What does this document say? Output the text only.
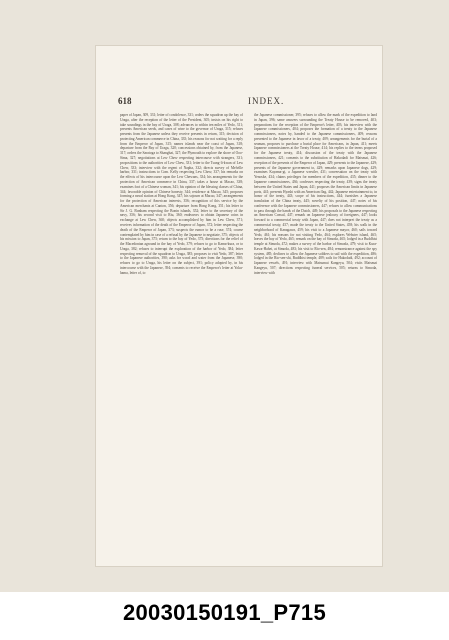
618	INDEX.
paper of Japan, 309, 331; letter of condolence, 331; orders the squadron up the bay of Uraga, after the reception of the letter of the President, 305; insists on his right to take soundings in the bay of Uraga, 308; advances to within ten miles of Yedo, 311; presents American seeds, and cases of wine to the governor of Uraga, 315; refuses presents from the Japanese unless they receive presents in return, 315; decision of protecting American commerce in China, 335; his reasons for not waiting for a reply from the Emperor of Japan, 315; names islands near the coast of Japan, 318; departure from the Bay of Uraga, 320; concessions obtained by, from the Japanese, 317; orders the Saratoga to Shanghai, 327; the Plymouth to explore the shore of Ooo-Sima, 327; negotiations at Lew Chew respecting intercourse with strangers, 331; propositions to the authorities of Lew Chew, 331; letter to the Tsung-li-kwan of Lew Chew, 333; interview with the regent of Napha, 332; directs survey of Melville harbor, 331; instructions to Com. Kelly respecting Lew Chew, 337; his remarks on the effects of his intercourse upon the Lew Chewans, 334; his arrangements for the protection of American commerce in China, 337; takes a house at Macao, 338; examines foot of a Chinese woman, 341; his opinion of the blessing classes of China, 344; favorable opinion of Chinese honesty, 344; residence at Macao, 345; proposes forming a naval station at Hong Kong, 347; his sojourn at Macao, 347; arrangements for the protection of American interests, 356; recognition of this service by the American merchants at Canton, 356; departure from Hong Kong, 351; his letter to Sir J. G. Bonham respecting the Bonin islands, 352; letter to the secretary of the navy, 356; his second visit to Riu, 360; endeavors to obtain Japanese coins in exchange at Lew Chew, 360; objects accomplished by him in Lew Chew, 371; receives information of the death of the Emperor of Japan, 372; letter respecting the death of the Emperor of Japan, 373; suspects the rumor to be a ruse, 374; course contemplated by him in case of a refusal by the Japanese to negotiate, 375; objects of his mission to Japan, 375; return to the bay of Yedo, 375; directions for the relief of the Macedonian aground in the bay of Yedo, 379; refuses to go to Kama-kura, or to Uraga, 382; refuses to interrupt the exploration of the harbor of Yedo, 384; letter respecting removal of the squadron to Uraga, 385; proposes to visit Yedo, 387; letter to the Japanese authorities, 390; asks for wood and water from the Japanese, 390; refuses to go to Uraga, his letter on the subject, 391; policy adopted by, in his intercourse with the Japanese, 394; consents to receive the Emperor's letter at Yoku-hama, letter of, to
the Japanese commissioner, 395; refuses to allow the mark of the expedition to land in Japan, 396; same answers surrounding the Treaty House to be removed, 403; preparations for the reception of the Emperor's letter, 403; his interview with the Japanese commissioners, 404; proposes the formation of a treaty to the Japanese commissioners, notes by, handed to the Japanese commissioners, 409; reasons presented to the Japanese in favor of a treaty, 409; arrangements for the burial of a seaman, proposes to purchase a burial place for Americans, in Japan, 411; meets Japanese commissioners at the Treaty House, 414; his replies to the terms proposed for the Japanese treaty, 414; discussion of the treaty with the Japanese commissioners, 421; consents to the substitution of Hakodadi for Matsmai, 426; reception of the presents of the Emperor of Japan, 429; presents to the Japanese, 429; presents of the Japanese government to, 429; remarks upon Japanese dogs, 429; examines Kayama-gi, a Japanese wrestler, 431; conversation on the treaty with Yenoske, 434; claims privileges for members of the expedition, 435; dinner to the Japanese commissioners, 436; confesses respecting the treaty, 439; signs the treaty between the United States and Japan, 441; proposes the American limits in Japanese ports, 441; presents Hyashi with an American flag, 442; Japanese entertainment to, in honor of the treaty, 443; scope of his instructions, 444; furnishes a Japanese translation of the China treaty, 445; novelty of his position, 447; notes of his conference with the Japanese commissioners, 447; refuses to allow communications to pass through the hands of the Dutch, 449; his proposals to the Japanese respecting an American Consul, 447; remark on Japanese jealousy of foreigners, 447; looks forward to a commercial treaty with Japan, 447; does not interpret the treaty as a commercial treaty, 457; made the treaty to the United States, 458; his walk in the neighborhood of Kanagawa, 459; his visit to a Japanese mayor, 460; sails toward Yedo, 461; his reasons for not visiting Yedo, 464; explores Webster island, 465; leaves the bay of Yedo, 465; remark on the bay of Simoda, 465; lodged in a Buddhist temple at Simoda, 472; makes a survey of the harbor of Simoda, 479; visit to Kura-Kawa-Hahei, at Simoda, 483; his visit to Rio-sen, 484; remonstrance against the spy system, 485; declines to allow the Japanese soldiers to sail with the expedition, 486; lodged in the Rio-sen-shi, Buddhist temple, 489; sails for Hakodadi, 492; account of Japanese vessels, 491; interview with Matsumai Kangeyu, 504; visits Matsmai Kangeyu, 507; directions respecting funeral services, 505; returns to Simoda, interview with
20030150191_P715
